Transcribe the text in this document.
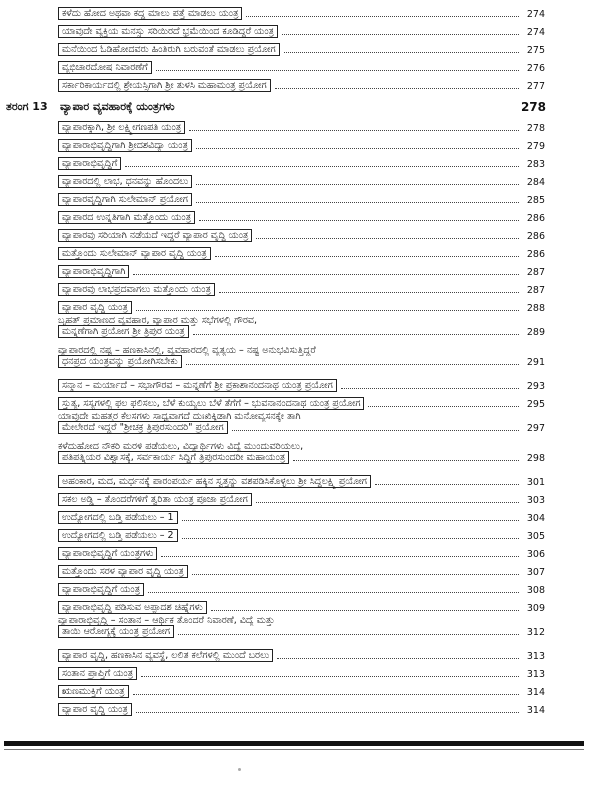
ಕಳೆದು ಹೋದ ಅಥವಾ ಕದ್ದ ಮಾಲು ಪತ್ತೆ ಮಾಡಲು ಯಂತ್ರ	274
ಯಾವುದೇ ವ್ಯಕ್ತಿಯ ಮನಸ್ಸು ಸರಿಯಿರದೆ ಭ್ರಮೆಯಿಂದ ಕೂಡಿದ್ದರೆ ಯಂತ್ರ	274
ಮನೆಯಿಂದ ಓಡಿಹೋದವರು ಹಿಂತಿರುಗಿ ಬರುವಂತೆ ಮಾಡಲು ಪ್ರಯೋಗ	275
ವ್ಯಭಿಚಾರದೋಷ ನಿವಾರಣೆಗೆ	276
ಸರ್ಕಾರಿಕಾರ್ಯದಲ್ಲಿ ಶ್ರೇಯಸ್ಸಿಗಾಗಿ ಶ್ರೀ ತುಳಸಿ ಮಹಾಮಂತ್ರ ಪ್ರಯೋಗ	277
ತರಂಗ 13	ವ್ಯಾಪಾರ ವ್ಯವಹಾರಕ್ಕೆ ಯಂತ್ರಗಳು	278
ವ್ಯಾಪಾರಕ್ಕಾಗಿ, ಶ್ರೀ ಲಕ್ಷ್ಮೀಗಣಪತಿ ಯಂತ್ರ	278
ವ್ಯಾಪಾರಾಭಿವೃದ್ಧಿಗಾಗಿ ಶ್ರೀದಶವಿದ್ಯಾ ಯಂತ್ರ	279
ವ್ಯಾಪಾರಾಭಿವೃದ್ಧಿಗೆ	283
ವ್ಯಾಪಾರದಲ್ಲಿ ಲಾಭ, ಧನವನ್ನು ಹೊಂದಲು	284
ವ್ಯಾಪಾರವೃದ್ಧಿಗಾಗಿ ಸುಲೇಮಾನ್ ಪ್ರಯೋಗ	285
ವ್ಯಾಪಾರದ ಉನ್ನತಿಗಾಗಿ ಮತ್ತೊಂದು ಯಂತ್ರ	286
ವ್ಯಾಪಾರವು ಸರಿಯಾಗಿ ನಡೆಯದೆ ಇದ್ದರೆ ವ್ಯಾಪಾರ ವೃದ್ಧಿ ಯಂತ್ರ	286
ಮತ್ತೊಂದು ಸುಲೇಮಾನ್ ವ್ಯಾಪಾರ ವೃದ್ಧಿ ಯಂತ್ರ	286
ವ್ಯಾಪಾರಾಭಿವೃದ್ಧಿಗಾಗಿ	287
ವ್ಯಾಪಾರವು ಲಾಭಪ್ರದವಾಗಲು ಮತ್ತೊಂದು ಯಂತ್ರ	287
ವ್ಯಾಪಾರ ವೃದ್ಧಿ ಯಂತ್ರ	288
ಬೃಹತ್ ಪ್ರಮಾಣದ ವ್ಯವಹಾರ, ವ್ಯಾಪಾರ ಮತ್ತು ಸಭೆಗಳಲ್ಲಿ ಗೌರವ,
ಮನ್ನಣೆಗಾಗಿ ಪ್ರಯೋಗ ಶ್ರೀ ತ್ರಿಪುರ ಯಂತ್ರ	289
ವ್ಯಾಪಾರದಲ್ಲಿ ನಷ್ಟ – ಹಣಕಾಸಿನಲ್ಲಿ, ವ್ಯವಹಾರದಲ್ಲಿ ವ್ಯತ್ಯಯ – ನಷ್ಟ ಅನುಭವಿಸುತ್ತಿದ್ದರೆ
ಧನಪ್ರದ ಯಂತ್ರವನ್ನು ಪ್ರಯೋಗಿಸಬೇಕು	291
ಸನ್ಮಾನ – ಮರ್ಯಾದೆ – ಸಭಾಗೌರವ – ಮನ್ನಣೆಗೆ ಶ್ರೀ ಪ್ರಕಾಶಾನಂದನಾಥ ಯಂತ್ರ ಪ್ರಯೋಗ	293
ಸ್ತುತ್ಯ, ಸಸ್ಯಗಳಲ್ಲಿ ಫಲ ಫಲಿಸಲು, ಬೆಳೆ ಕುಯ್ಯಲು ಬೆಳೆ ತೆಗೆಗೆ – ಭುವನಾನಂದನಾಥ ಯಂತ್ರ ಪ್ರಯೋಗ	295
ಯಾವುದೇ ಮಹತ್ತರ ಕೆಲಸಗಳು ಸಾಧ್ಯವಾಗದೆ ದುಃಖಿಕ್ಕಿಡಾಗಿ ಮನೋವ್ಯಸನಕ್ಕೇ ತಾಗಿ
ಮೇಲೇರದೆ ಇದ್ದರೆ "ಶ್ರೀಚಕ್ರ ತ್ರಿಪುರಸುಂದರಿ" ಪ್ರಯೋಗ	297
ಕಳೆದುಹೋದ ನೌಕರಿ ಮರಳಿ ಪಡೆಯಲು, ವಿದ್ಯಾರ್ಥಿಗಳು ವಿದ್ಯೆ ಮುಂದುವರಿಯಲು,
ಪತಿಪತ್ನಿಯರ ವಿಶ್ವಾಸಕ್ಕೆ, ಸರ್ವಕಾರ್ಯ ಸಿದ್ಧಿಗೆ ತ್ರಿಪುರಸುಂದರೀ ಮಹಾಯಂತ್ರ	298
ಅಹಂಕಾರ, ಮದ, ಮರ್ಧನಕ್ಕೆ ಪಾರಂಪರ್ಯ ಹಕ್ಕಿನ ಸ್ವತ್ತನ್ನು ವಶಪಡಿಸಿಕೊಳ್ಳಲು ಶ್ರೀ ಸಿದ್ಧಲಕ್ಷ್ಮಿ ಪ್ರಯೋಗ	301
ಸಕಲ ಅಡ್ಡಿ – ತೊಂದರೆಗಳಿಗೆ ತ್ವರಿತಾ ಯಂತ್ರ ಪೂಜಾ ಪ್ರಯೋಗ	303
ಉದ್ಯೋಗದಲ್ಲಿ ಬಡ್ತಿ ಪಡೆಯಲು – 1	304
ಉದ್ಯೋಗದಲ್ಲಿ ಬಡ್ತಿ ಪಡೆಯಲು – 2	305
ವ್ಯಾಪಾರಾಭಿವೃದ್ಧಿಗೆ ಯಂತ್ರಗಳು	306
ಮತ್ತೊಂದು ಸರಳ ವ್ಯಾಪಾರ ವೃದ್ಧಿ ಯಂತ್ರ	307
ವ್ಯಾಪಾರಾಭಿವೃದ್ಧಿಗೆ ಯಂತ್ರ	308
ವ್ಯಾಪಾರಾಭಿವೃದ್ಧಿ ಪಡಿಸುವ ಅಪ್ಪಾದಶ ಚಿಹ್ನೆಗಳು	309
ವ್ಯಾಪಾರಾಭಿವೃದ್ಧಿ – ಸಂತಾನ – ಆರ್ಥಿಕ ತೊಂದರೆ ನಿವಾರಣೆ, ವಿದ್ಯೆ ಮತ್ತು
ತಾಯಿ ಆರೋಗ್ಯಕ್ಕೆ ಯಂತ್ರ ಪ್ರಯೋಗ	312
ವ್ಯಾಪಾರ ವೃದ್ಧಿ, ಹಣಕಾಸಿನ ವ್ಯವಸ್ಥೆ, ಲಲಿತ ಕಲೆಗಳಲ್ಲಿ ಮುಂದೆ ಬರಲು	313
ಸಂತಾನ ಪ್ರಾಪ್ತಿಗೆ ಯಂತ್ರ	313
ಋಣಮುಕ್ತಿಗೆ ಯಂತ್ರ	314
ವ್ಯಾಪಾರ ವೃದ್ಧಿ ಯಂತ್ರ	314
